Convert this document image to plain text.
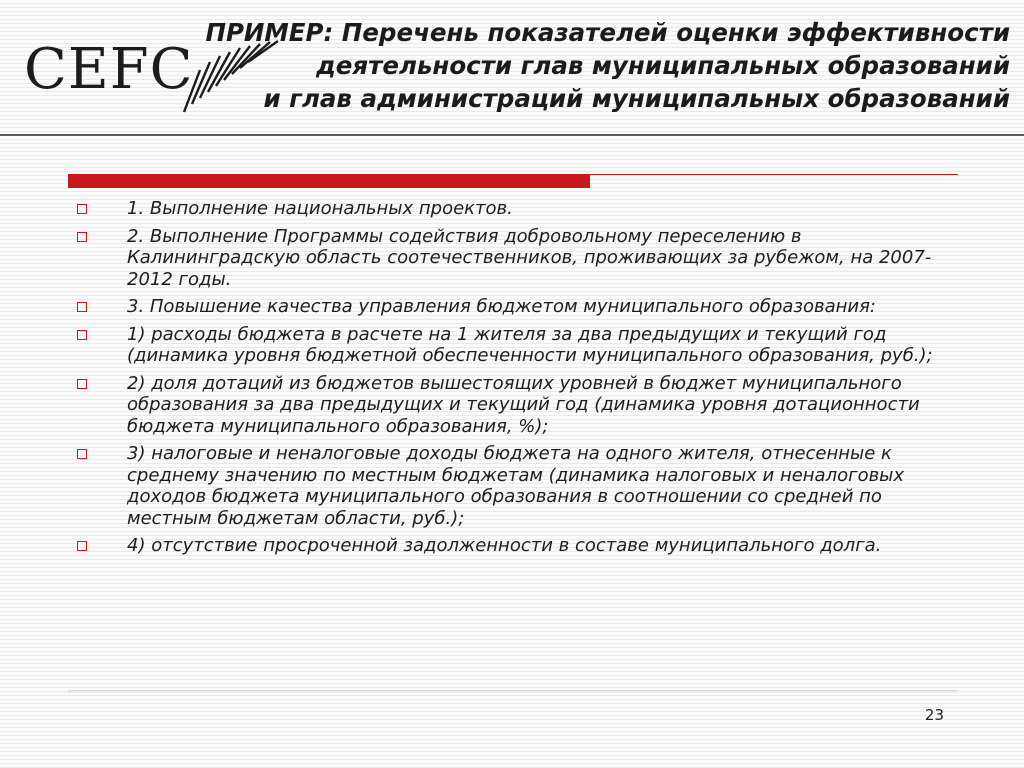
CEFC
ПРИМЕР: Перечень показателей оценки эффективности
деятельности глав муниципальных образований
и глав администраций муниципальных образований
1. Выполнение национальных проектов.
2. Выполнение Программы содействия добровольному переселению в Калининградскую область соотечественников, проживающих за рубежом, на 2007-2012 годы.
3. Повышение качества управления бюджетом муниципального образования:
1) расходы бюджета в расчете на 1 жителя за два предыдущих и текущий год (динамика уровня бюджетной обеспеченности муниципального образования, руб.);
2) доля дотаций из бюджетов вышестоящих уровней в бюджет муниципального образования за два предыдущих и текущий год (динамика уровня дотационности бюджета муниципального образования, %);
3) налоговые и неналоговые доходы бюджета на одного жителя, отнесенные к среднему значению по местным бюджетам (динамика налоговых и неналоговых доходов бюджета муниципального образования в соотношении со средней по местным бюджетам области, руб.);
4) отсутствие просроченной задолженности в составе муниципального долга.
23
